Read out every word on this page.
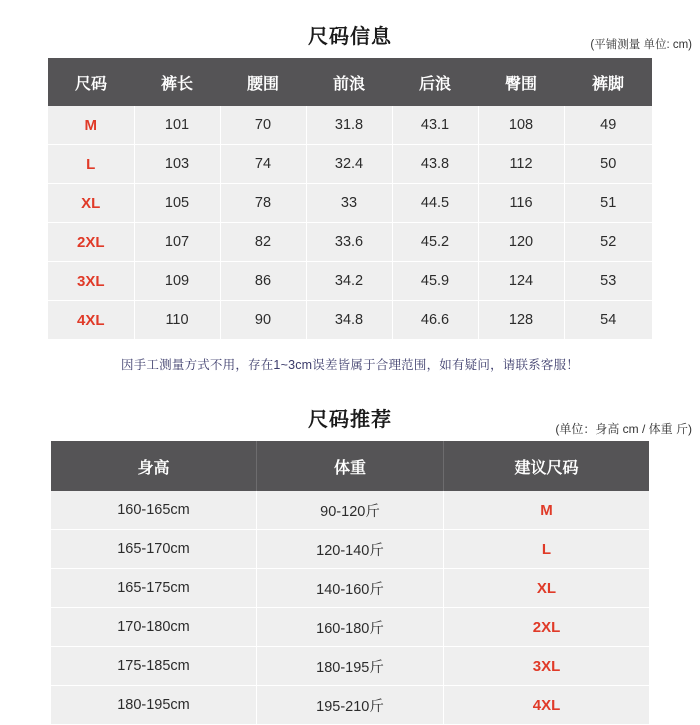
尺码信息	(平铺测量 单位: cm)
尺码	裤长	腰围	前浪	后浪	臀围	裤脚
M	101	70	31.8	43.1	108	49
L	103	74	32.4	43.8	112	50
XL	105	78	33	44.5	116	51
2XL	107	82	33.6	45.2	120	52
3XL	109	86	34.2	45.9	124	53
4XL	110	90	34.8	46.6	128	54
因手工测量方式不用，存在1~3cm误差皆属于合理范围，如有疑问，请联系客服！
尺码推荐	(单位：身高 cm / 体重 斤)
身高	体重	建议尺码
160-165cm	90-120斤	M
165-170cm	120-140斤	L
165-175cm	140-160斤	XL
170-180cm	160-180斤	2XL
175-185cm	180-195斤	3XL
180-195cm	195-210斤	4XL
